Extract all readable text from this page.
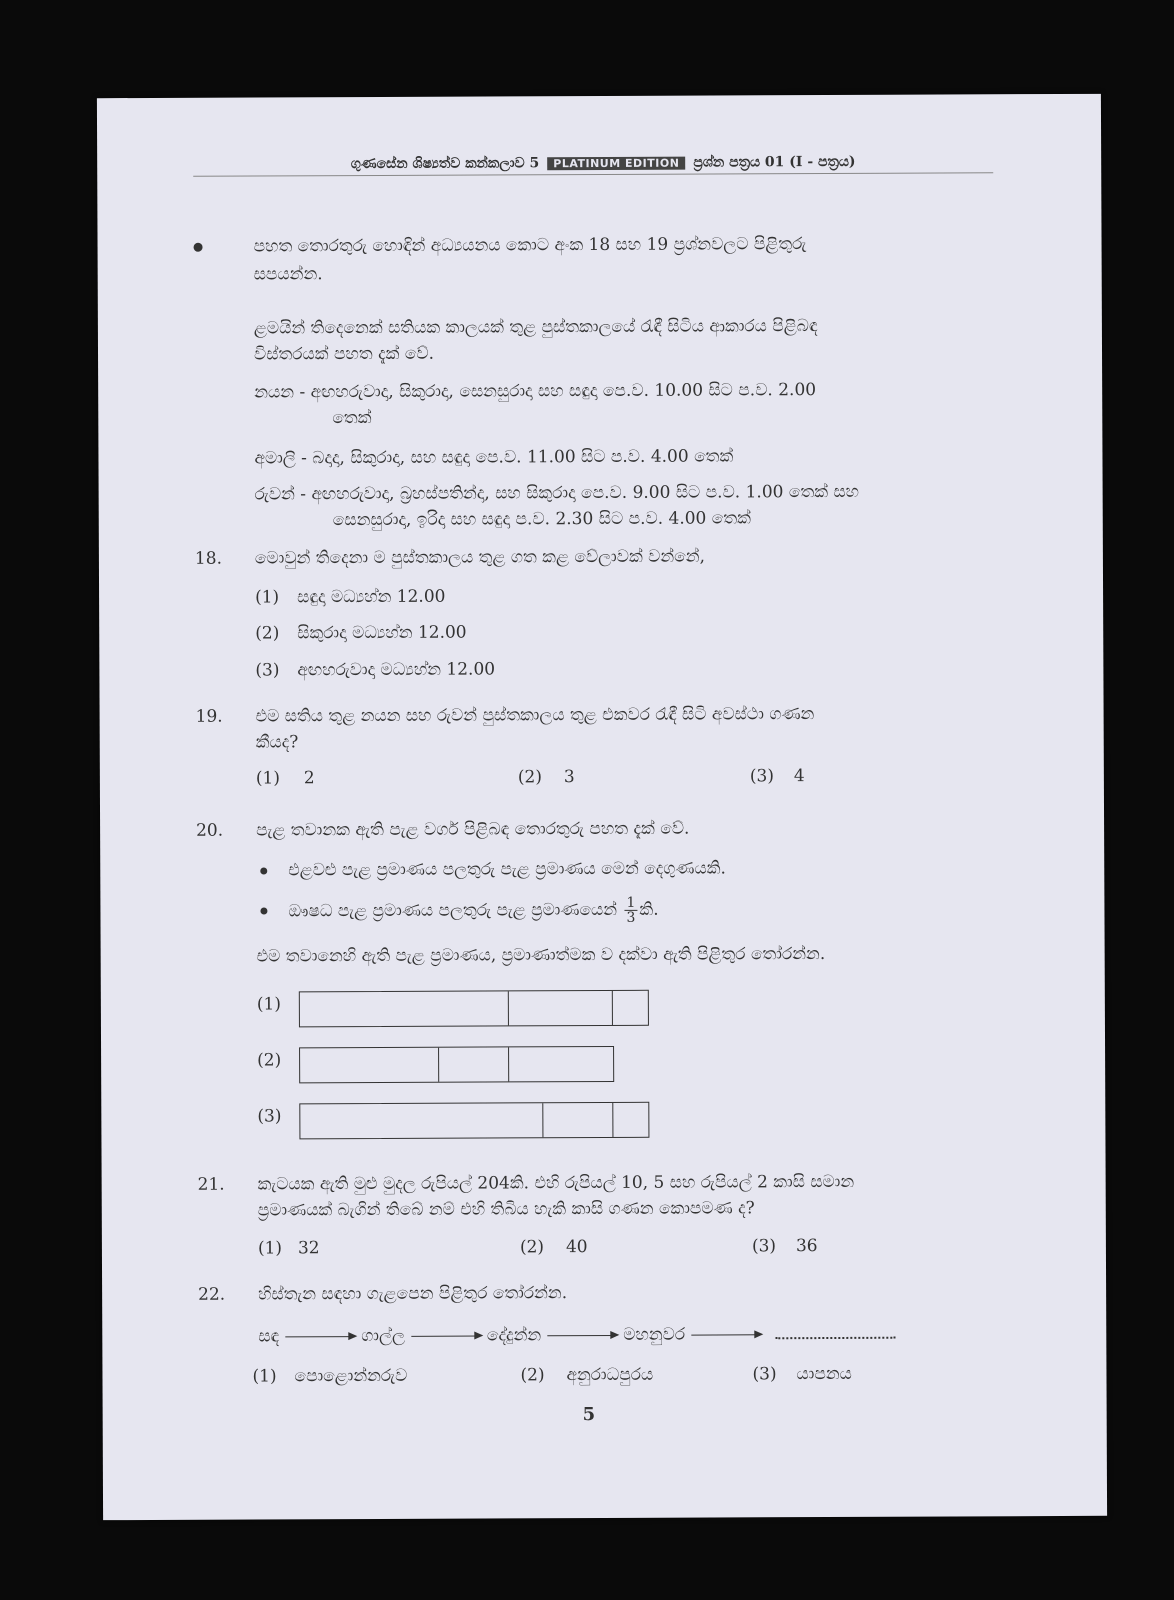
ගුණසේන ශිෂ්‍යත්ව කන්කලාව 5	PLATINUM EDITION ප්‍රශ්න පත්‍රය 01 (I - පත්‍රය)
පහත තොරතුරු හොඳින් අධ්‍යයනය කොට අංක 18 සහ 19 ප්‍රශ්නවලට පිළිතුරු
සපයන්න.
ළමයින් තිදෙනෙක් සතියක කාලයක් තුළ පුස්තකාලයේ රැඳී සිටිය ආකාරය පිළිබඳ
විස්තරයක් පහත දැක් වේ.
නයන - අඟහරුවාදා, සිකුරාදා, සෙනසුරාදා සහ සඳුදා පෙ.ව. 10.00 සිට ප.ව. 2.00
තෙක්
අමාලි - බදාදා, සිකුරාදා, සහ සඳුදා පෙ.ව. 11.00 සිට ප.ව. 4.00 තෙක්
රුවන් - අඟහරුවාදා, බ්‍රහස්පතින්දා, සහ සිකුරාදා පෙ.ව. 9.00 සිට ප.ව. 1.00 තෙක් සහ
සෙනසුරාදා, ඉරිදා සහ සඳුදා ප.ව. 2.30 සිට ප.ව. 4.00 තෙක්
18. මොවුන් තිදෙනා ම පුස්තකාලය තුළ ගත කළ වේලාවක් වන්නේ,
(1) සඳුදා මධ්‍යහ්න 12.00
(2) සිකුරාදා මධ්‍යහ්න 12.00
(3) අඟහරුවාදා මධ්‍යහ්න 12.00
19. එම සතිය තුළ නයන සහ රුවන් පුස්තකාලය තුළ එකවර රැඳී සිටි අවස්ථා ගණන
කීයද?
(1) 2	(2) 3	(3) 4
20. පැළ තවානක ඇති පැළ වර්ග පිළිබඳ තොරතුරු පහත දැක් වේ.
එළවළු පැළ ප්‍රමාණය පලතුරු පැළ ප්‍රමාණය මෙන් දෙගුණයකි.
ඖෂධ පැළ ප්‍රමාණය පලතුරු පැළ ප්‍රමාණයෙන් $\frac{1}{3}$ කි.
එම තවානෙහි ඇති පැළ ප්‍රමාණය, ප්‍රමාණාත්මක ව දක්වා ඇති පිළිතුර තෝරන්න.
(1)
(2)
(3)
21. කැටයක ඇති මුළු මුදල රුපියල් 204කි. එහි රුපියල් 10, 5 සහ රුපියල් 2 කාසි සමාන
ප්‍රමාණයක් බැගින් තිබේ නම් එහි තිබිය හැකි කාසි ගණන කොපමණ ද?
(1) 32	(2) 40	(3) 36
22. හිස්තැන සඳහා ගැළපෙන පිළිතුර තෝරන්න.
සඳ	ගාල්ල	දේදුන්න	මහනුවර
(1) පොළොන්නරුව	(2) අනුරාධපුරය	(3) යාපනය
5
